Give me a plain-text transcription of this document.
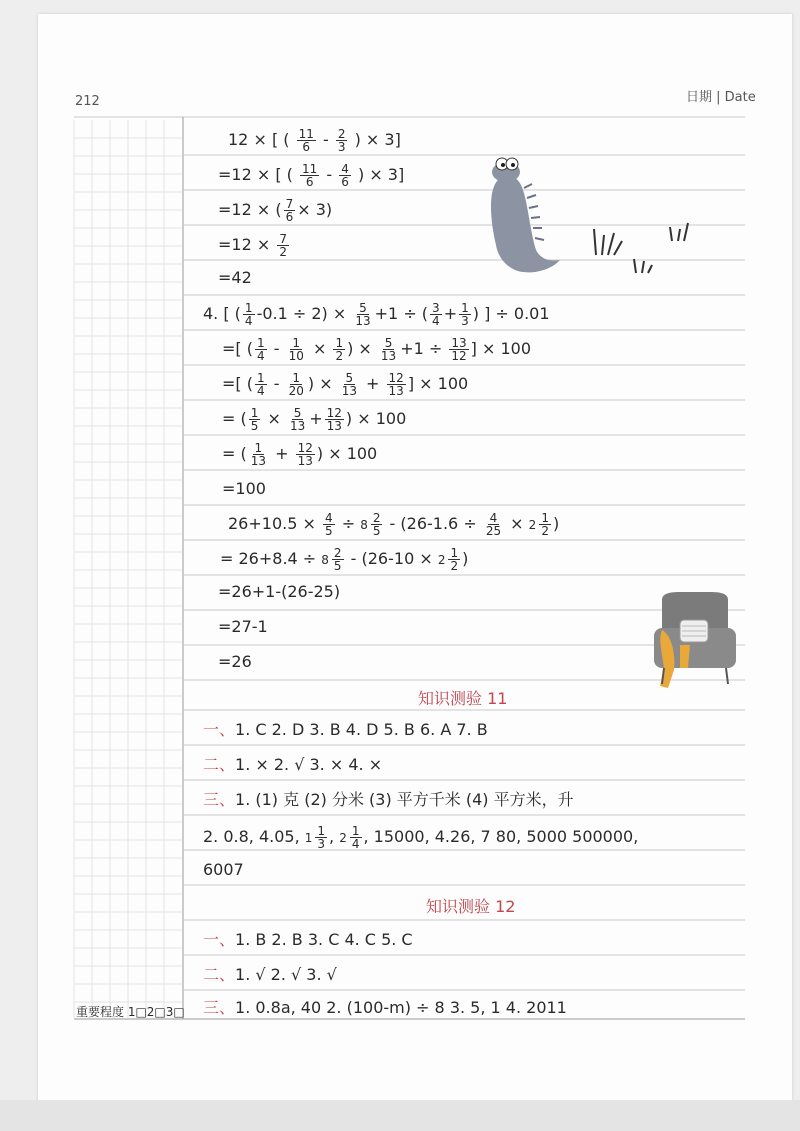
212	日期 | Date
12 × [ ( $\frac{11}{6} - \frac{2}{3}$ ) × 3]
=12 × [ ( $\frac{11}{6} - \frac{4}{6}$ ) × 3]
=12 × ( $\frac{7}{6} \times 3$)
$=12 \times \frac{7}{2}$
=42
4. [ ( $\frac{1}{4} -0.1 \div 2) \times \frac{5}{13} +1$ ÷ ( $\frac{3}{4} + \frac{1}{3}$ ) ] ÷ 0.01
=[ ( $\frac{1}{4} - \frac{1}{10} \times \frac{1}{2}$ ) × $\frac{5}{13} +1 \div \frac{13}{12}$ ] × 100
=[ ( $\frac{1}{4} - \frac{1}{20}$ ) × $\frac{5}{13} + \frac{12}{13}$ ] × 100
= ( $\frac{1}{5} \times \frac{5}{13} + \frac{12}{13}$ ) × 100
= ( $\frac{1}{13} + \frac{12}{13}$ ) × 100
=100
$26+10.5 \times \frac{4}{5} \div 8 \frac{2}{5} - (26-1.6 \div \frac{4}{25} \times 2 \frac{1}{2}$ )
= $26+8.4 \div 8 \frac{2}{5} - (26-10 \times 2 \frac{1}{2}$ )
=26+1-(26-25)
=27-1
=26
知识测验 11
一、1. C 2. D 3. B 4. D 5. B 6. A 7. B
二、1. × 2. √ 3. × 4. ×
三、1. (1) 克 (2) 分米 (3) 平方千米 (4) 平方米，升
2. 0.8, 4.05, $1 \frac{1}{3}$ , $2 \frac{1}{4}$ , 15000, 4.26, 7 80, 5000 500000,
6007
知识测验 12
一、1. B 2. B 3. C 4. C 5. C
二、1. √ 2. √ 3. √
三、1. 0.8a, 40 2. (100-m) ÷ 8 3. 5, 1 4. 2011
重要程度 1□2□3□
